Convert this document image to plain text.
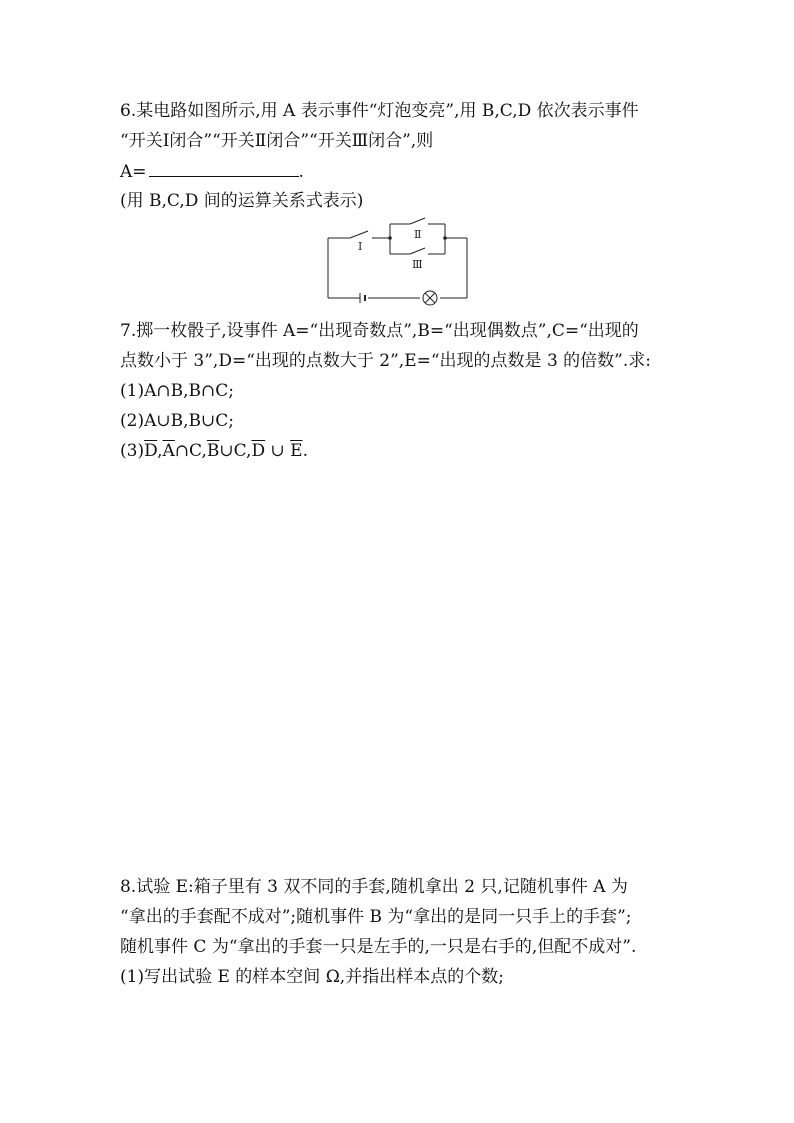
6.某电路如图所示,用 A 表示事件“灯泡变亮”,用 B,C,D 依次表示事件
“开关Ⅰ闭合”“开关Ⅱ闭合”“开关Ⅲ闭合”,则
A=	.
(用 B,C,D 间的运算关系式表示)
Ⅰ
Ⅱ
Ⅲ
7.掷一枚骰子,设事件 A=“出现奇数点”,B=“出现偶数点”,C=“出现的
点数小于 3”,D=“出现的点数大于 2”,E=“出现的点数是 3 的倍数”.求:
(1)A∩B,B∩C;
(2)A∪B,B∪C;
$(3)\overline{D},\overline{A}\cap C,\overline{B}\cup C,\overline{D}$ ∪ $\overline{E}$.
8.试验 E:箱子里有 3 双不同的手套,随机拿出 2 只,记随机事件 A 为
“拿出的手套配不成对”;随机事件 B 为“拿出的是同一只手上的手套”;
随机事件 C 为“拿出的手套一只是左手的,一只是右手的,但配不成对”.
(1)写出试验 E 的样本空间 Ω,并指出样本点的个数;
